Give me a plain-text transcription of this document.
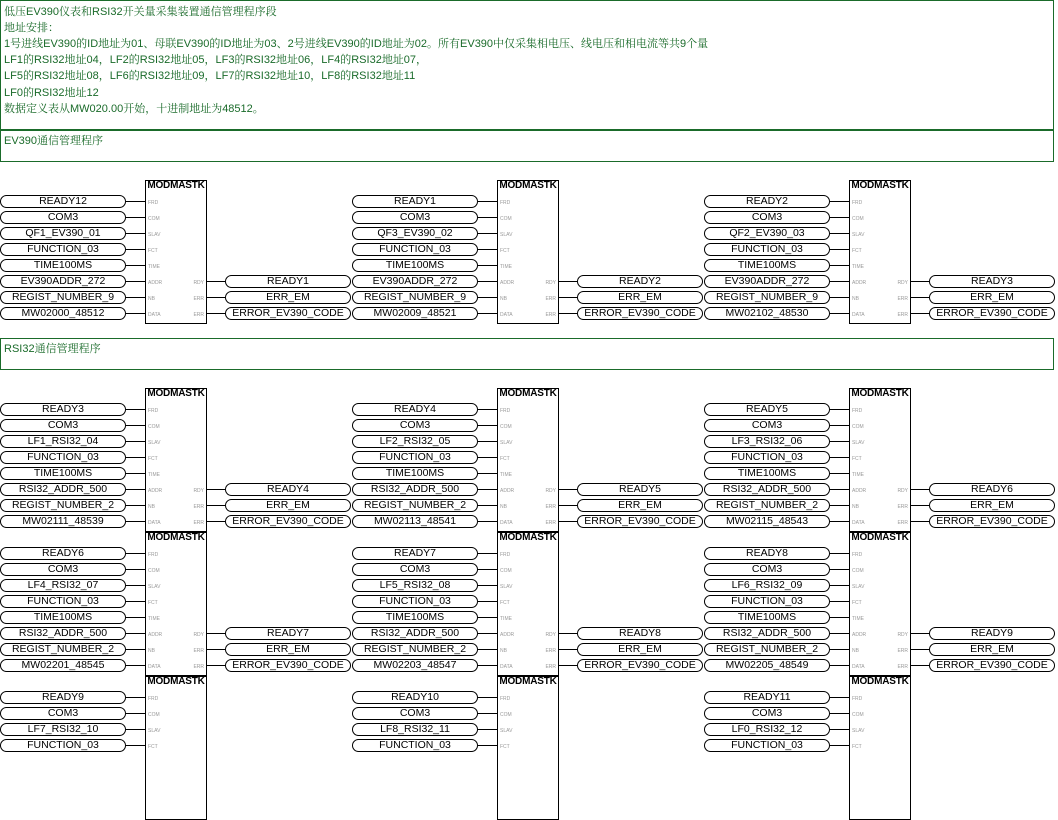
低压EV390仪表和RSI32开关量采集装置通信管理程序段
地址安排：
1号进线EV390的ID地址为01、母联EV390的ID地址为03、2号进线EV390的ID地址为02。所有EV390中仅采集相电压、线电压和相电流等共9个量
LF1的RSI32地址04，LF2的RSI32地址05，LF3的RSI32地址06，LF4的RSI32地址07，
LF5的RSI32地址08，LF6的RSI32地址09，LF7的RSI32地址10，LF8的RSI32地址11
LF0的RSI32地址12
数据定义表从MW020.00开始，十进制地址为48512。
EV390通信管理程序
RSI32通信管理程序
MODMASTK
FRD
COM
SLAV
FCT
TIME
ADDR
NB
DATA
RDY
ERR
ERR
READY12
COM3
QF1_EV390_01
FUNCTION_03
TIME100MS
EV390ADDR_272
REGIST_NUMBER_9
MW02000_48512
READY1
ERR_EM
ERROR_EV390_CODE
MODMASTK
FRD
COM
SLAV
FCT
TIME
ADDR
NB
DATA
RDY
ERR
ERR
READY1
COM3
QF3_EV390_02
FUNCTION_03
TIME100MS
EV390ADDR_272
REGIST_NUMBER_9
MW02009_48521
READY2
ERR_EM
ERROR_EV390_CODE
MODMASTK
FRD
COM
SLAV
FCT
TIME
ADDR
NB
DATA
RDY
ERR
ERR
READY2
COM3
QF2_EV390_03
FUNCTION_03
TIME100MS
EV390ADDR_272
REGIST_NUMBER_9
MW02102_48530
READY3
ERR_EM
ERROR_EV390_CODE
MODMASTK
FRD
COM
SLAV
FCT
TIME
ADDR
NB
DATA
RDY
ERR
ERR
READY3
COM3
LF1_RSI32_04
FUNCTION_03
TIME100MS
RSI32_ADDR_500
REGIST_NUMBER_2
MW02111_48539
READY4
ERR_EM
ERROR_EV390_CODE
MODMASTK
FRD
COM
SLAV
FCT
TIME
ADDR
NB
DATA
RDY
ERR
ERR
READY4
COM3
LF2_RSI32_05
FUNCTION_03
TIME100MS
RSI32_ADDR_500
REGIST_NUMBER_2
MW02113_48541
READY5
ERR_EM
ERROR_EV390_CODE
MODMASTK
FRD
COM
SLAV
FCT
TIME
ADDR
NB
DATA
RDY
ERR
ERR
READY5
COM3
LF3_RSI32_06
FUNCTION_03
TIME100MS
RSI32_ADDR_500
REGIST_NUMBER_2
MW02115_48543
READY6
ERR_EM
ERROR_EV390_CODE
MODMASTK
FRD
COM
SLAV
FCT
TIME
ADDR
NB
DATA
RDY
ERR
ERR
READY6
COM3
LF4_RSI32_07
FUNCTION_03
TIME100MS
RSI32_ADDR_500
REGIST_NUMBER_2
MW02201_48545
READY7
ERR_EM
ERROR_EV390_CODE
MODMASTK
FRD
COM
SLAV
FCT
TIME
ADDR
NB
DATA
RDY
ERR
ERR
READY7
COM3
LF5_RSI32_08
FUNCTION_03
TIME100MS
RSI32_ADDR_500
REGIST_NUMBER_2
MW02203_48547
READY8
ERR_EM
ERROR_EV390_CODE
MODMASTK
FRD
COM
SLAV
FCT
TIME
ADDR
NB
DATA
RDY
ERR
ERR
READY8
COM3
LF6_RSI32_09
FUNCTION_03
TIME100MS
RSI32_ADDR_500
REGIST_NUMBER_2
MW02205_48549
READY9
ERR_EM
ERROR_EV390_CODE
MODMASTK
FRD
COM
SLAV
FCT
READY9
COM3
LF7_RSI32_10
FUNCTION_03
MODMASTK
FRD
COM
SLAV
FCT
READY10
COM3
LF8_RSI32_11
FUNCTION_03
MODMASTK
FRD
COM
SLAV
FCT
READY11
COM3
LF0_RSI32_12
FUNCTION_03
